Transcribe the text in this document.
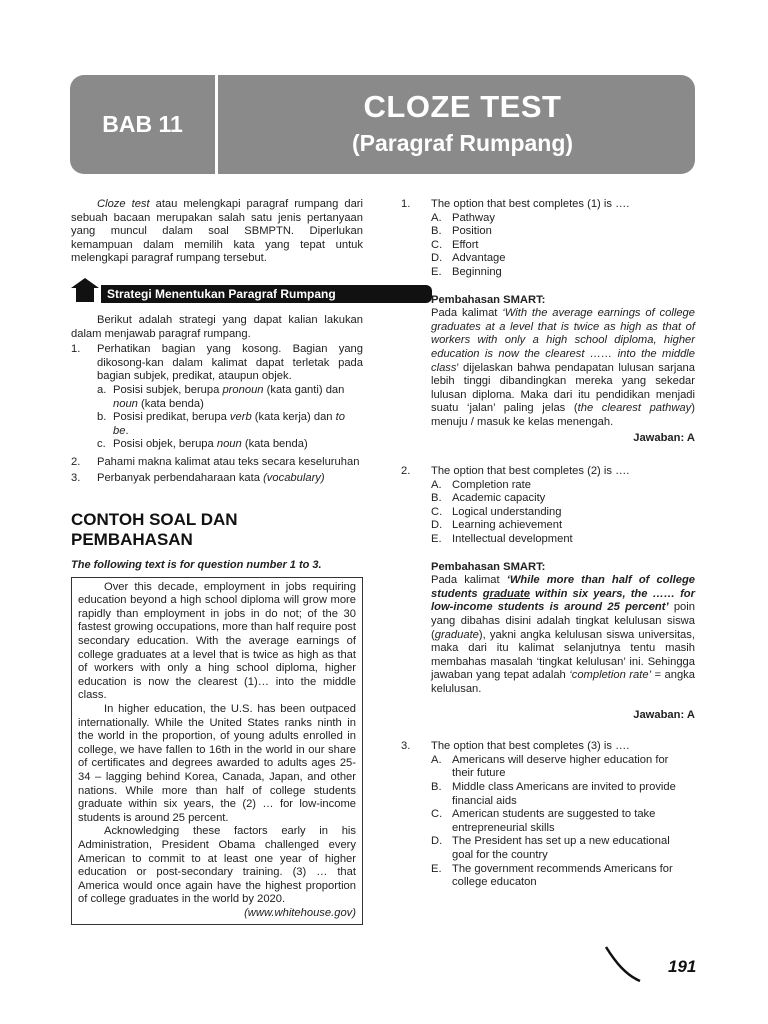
BAB 11	CLOZE TEST
(Paragraf Rumpang)

Cloze test atau melengkapi paragraf rumpang dari sebuah bacaan merupakan salah satu jenis pertanyaan yang muncul dalam soal SBMPTN. Diperlukan kemampuan dalam memilih kata yang tepat untuk melengkapi paragraf rumpang tersebut.

Strategi Menentukan Paragraf Rumpang

Berikut adalah strategi yang dapat kalian lakukan dalam menjawab paragraf rumpang.

1.	Perhatikan bagian yang kosong. Bagian yang dikosong-kan dalam kalimat dapat terletak pada bagian subjek, predikat, ataupun objek.

a. Posisi subjek, berupa pronoun (kata ganti) dan noun (kata benda)
b. Posisi predikat, berupa verb (kata kerja) dan to be.
c. Posisi objek, berupa noun (kata benda)
2.	Pahami makna kalimat atau teks secara keseluruhan
3.	Perbanyak perbendaharaan kata (vocabulary)
CONTOH SOAL DAN PEMBAHASAN
The following text is for question number 1 to 3.

Over this decade, employment in jobs requiring education beyond a high school diploma will grow more rapidly than employment in jobs in do not; of the 30 fastest growing occupations, more than half require post secondary education. With the average earnings of college graduates at a level that is twice as high as that of workers with only a hing school diploma, higher education is now the clearest (1)… into the middle class.

In higher education, the U.S. has been outpaced internationally. While the United States ranks ninth in the world in the proportion, of young adults enrolled in college, we have fallen to 16th in the world in our share of certificates and degrees awarded to adults ages 25-34 – lagging behind Korea, Canada, Japan, and other nations. While more than half of college students graduate within six years, the (2) … for low-income students is around 25 percent.

Acknowledging these factors early in his Administration, President Obama challenged every American to commit to at least one year of higher education or post-secondary training. (3) … that America would once again have the highest proportion of college graduates in the world by 2020.

(www.whitehouse.gov)

1.	The option that best completes (1) is ….
A. Pathway
B. Position
C. Effort
D. Advantage
E. Beginning

Pembahasan SMART:

Pada kalimat ‘With the average earnings of college graduates at a level that is twice as high as that of workers with only a high school diploma, higher education is now the clearest …… into the middle class’ dijelaskan bahwa pendapatan lulusan sarjana lebih tinggi dibandingkan mereka yang sekedar lulusan diploma. Maka dari itu pendidikan menjadi suatu ‘jalan’ paling jelas (the clearest pathway) menuju / masuk ke kelas menengah.

Jawaban: A

2.	The option that best completes (2) is ….
A. Completion rate
B. Academic capacity
C. Logical understanding
D. Learning achievement
E. Intellectual development

Pembahasan SMART:

Pada kalimat ‘While more than half of college students graduate within six years, the …… for low-income students is around 25 percent’ poin yang dibahas disini adalah tingkat kelulusan siswa (graduate), yakni angka kelulusan siswa universitas, maka dari itu kalimat selanjutnya tentu masih membahas masalah ‘tingkat kelulusan’ ini. Sehingga jawaban yang tepat adalah ‘completion rate’ = angka kelulusan.

Jawaban: A

3.	The option that best completes (3) is ….
A. Americans will deserve higher education for their future
B. Middle class Americans are invited to provide financial aids
C. American students are suggested to take entrepreneurial skills
D. The President has set up a new educational goal for the country
E. The government recommends Americans for college educaton
191
